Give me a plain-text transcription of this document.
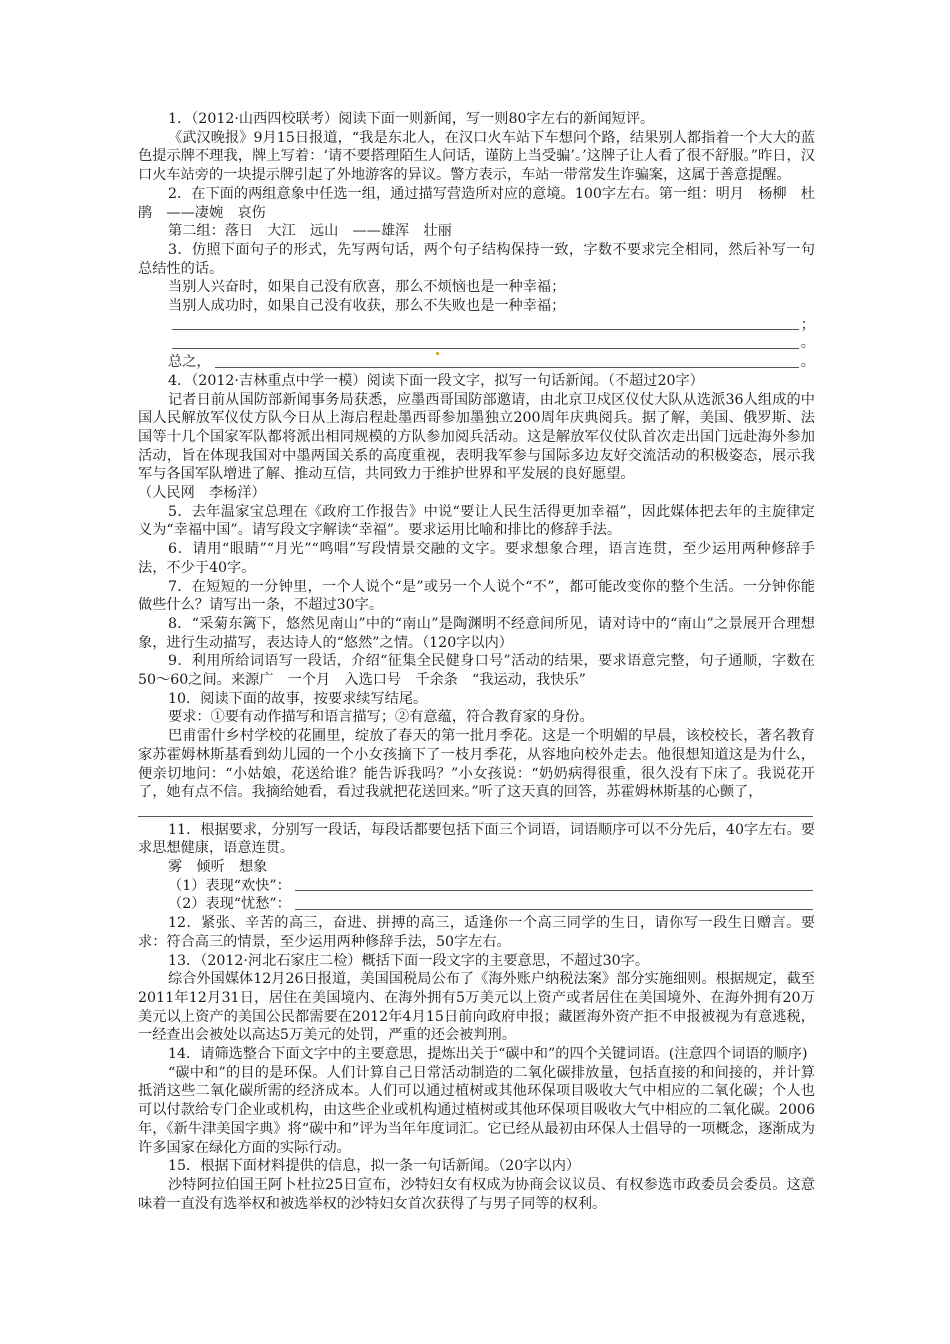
1．（2012·山西四校联考）阅读下面一则新闻，写一则80字左右的新闻短评。

《武汉晚报》9月15日报道，“我是东北人，在汉口火车站下车想问个路，结果别人都指着一个大大的蓝色提示牌不理我，牌上写着：‘请不要搭理陌生人问话，谨防上当受骗’。’这牌子让人看了很不舒服。”昨日，汉口火车站旁的一块提示牌引起了外地游客的异议。警方表示，车站一带常发生诈骗案，这属于善意提醒。

2．在下面的两组意象中任选一组，通过描写营造所对应的意境。100字左右。第一组：明月　杨柳　杜鹃　——凄婉　哀伤

第二组：落日　大江　远山　——雄浑　壮丽

3．仿照下面句子的形式，先写两句话，两个句子结构保持一致，字数不要求完全相同，然后补写一句总结性的话。

当别人兴奋时，如果自己没有欣喜，那么不烦恼也是一种幸福；

当别人成功时，如果自己没有收获，那么不失败也是一种幸福；

；
。
总之，	。

4．（2012·吉林重点中学一模）阅读下面一段文字，拟写一句话新闻。（不超过20字）

记者日前从国防部新闻事务局获悉，应墨西哥国防部邀请，由北京卫戍区仪仗大队从选派36人组成的中国人民解放军仪仗方队今日从上海启程赴墨西哥参加墨独立200周年庆典阅兵。据了解，美国、俄罗斯、法国等十几个国家军队都将派出相同规模的方队参加阅兵活动。这是解放军仪仗队首次走出国门远赴海外参加活动，旨在体现我国对中墨两国关系的高度重视，表明我军参与国际多边友好交流活动的积极姿态，展示我军与各国军队增进了解、推动互信，共同致力于维护世界和平发展的良好愿望。

（人民网　李杨洋）

5．去年温家宝总理在《政府工作报告》中说“要让人民生活得更加幸福”，因此媒体把去年的主旋律定义为“幸福中国”。请写段文字解读“幸福”。要求运用比喻和排比的修辞手法。

6．请用“眼睛”“月光”“鸣唱”写段情景交融的文字。要求想象合理，语言连贯，至少运用两种修辞手法，不少于40字。

7．在短短的一分钟里，一个人说个“是”或另一个人说个“不”，都可能改变你的整个生活。一分钟你能做些什么？请写出一条，不超过30字。

8．“采菊东篱下，悠然见南山”中的“南山”是陶渊明不经意间所见，请对诗中的“南山”之景展开合理想象，进行生动描写，表达诗人的“悠然”之情。（120字以内）

9．利用所给词语写一段话，介绍“征集全民健身口号”活动的结果，要求语意完整，句子通顺，字数在50～60之间。来源广　一个月　入选口号　千余条　“我运动，我快乐”

10．阅读下面的故事，按要求续写结尾。

要求：①要有动作描写和语言描写；②有意蕴，符合教育家的身份。

巴甫雷什乡村学校的花圃里，绽放了春天的第一批月季花。这是一个明媚的早晨，该校校长，著名教育家苏霍姆林斯基看到幼儿园的一个小女孩摘下了一枝月季花，从容地向校外走去。他很想知道这是为什么，便亲切地问：“小姑娘，花送给谁？能告诉我吗？”小女孩说：“奶奶病得很重，很久没有下床了。我说花开了，她有点不信。我摘给她看，看过我就把花送回来。”听了这天真的回答，苏霍姆林斯基的心颤了，

11．根据要求，分别写一段话，每段话都要包括下面三个词语，词语顺序可以不分先后，40字左右。要求思想健康，语意连贯。

雾　倾听　想象

（1）表现“欢快”：
（2）表现“忧愁”：

12．紧张、辛苦的高三，奋进、拼搏的高三，适逢你一个高三同学的生日，请你写一段生日赠言。要求：符合高三的情景，至少运用两种修辞手法，50字左右。

13．（2012·河北石家庄二检）概括下面一段文字的主要意思，不超过30字。

综合外国媒体12月26日报道，美国国税局公布了《海外账户纳税法案》部分实施细则。根据规定，截至2011年12月31日，居住在美国境内、在海外拥有5万美元以上资产或者居住在美国境外、在海外拥有20万美元以上资产的美国公民都需要在2012年4月15日前向政府申报；藏匿海外资产拒不申报被视为有意逃税，一经查出会被处以高达5万美元的处罚，严重的还会被判刑。

14．请筛选整合下面文字中的主要意思，提炼出关于“碳中和”的四个关键词语。(注意四个词语的顺序)

“碳中和”的目的是环保。人们计算自己日常活动制造的二氧化碳排放量，包括直接的和间接的，并计算抵消这些二氧化碳所需的经济成本。人们可以通过植树或其他环保项目吸收大气中相应的二氧化碳；个人也可以付款给专门企业或机构，由这些企业或机构通过植树或其他环保项目吸收大气中相应的二氧化碳。2006年，《新牛津美国字典》将“碳中和”评为当年年度词汇。它已经从最初由环保人士倡导的一项概念，逐渐成为许多国家在绿化方面的实际行动。

15．根据下面材料提供的信息，拟一条一句话新闻。（20字以内）

沙特阿拉伯国王阿卜杜拉25日宣布，沙特妇女有权成为协商会议议员、有权参选市政委员会委员。这意味着一直没有选举权和被选举权的沙特妇女首次获得了与男子同等的权利。
